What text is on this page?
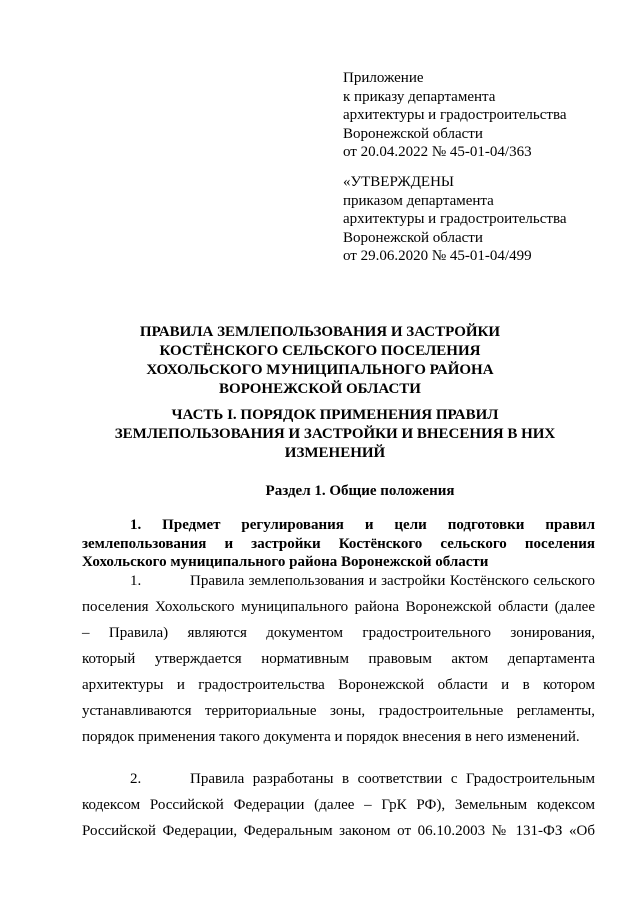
Приложение
к приказу департамента
архитектуры и градостроительства
Воронежской области
от 20.04.2022 № 45-01-04/363
«УТВЕРЖДЕНЫ
приказом департамента
архитектуры и градостроительства
Воронежской области
от 29.06.2020 № 45-01-04/499
ПРАВИЛА ЗЕМЛЕПОЛЬЗОВАНИЯ И ЗАСТРОЙКИ
КОСТЁНСКОГО СЕЛЬСКОГО ПОСЕЛЕНИЯ
ХОХОЛЬСКОГО МУНИЦИПАЛЬНОГО РАЙОНА
ВОРОНЕЖСКОЙ ОБЛАСТИ
ЧАСТЬ I. ПОРЯДОК ПРИМЕНЕНИЯ ПРАВИЛ
ЗЕМЛЕПОЛЬЗОВАНИЯ И ЗАСТРОЙКИ И ВНЕСЕНИЯ В НИХ
ИЗМЕНЕНИЙ
Раздел 1. Общие положения
1. Предмет регулирования и цели подготовки правил
землепользования и застройки Костёнского сельского поселения
Хохольского муниципального района Воронежской области
1.	Правила землепользования и застройки Костёнского сельского
поселения Хохольского муниципального района Воронежской области (далее
– Правила) являются документом градостроительного зонирования,
который утверждается нормативным правовым актом департамента
архитектуры и градостроительства Воронежской области и в котором
устанавливаются территориальные зоны, градостроительные регламенты,
порядок применения такого документа и порядок внесения в него изменений.
2.	Правила разработаны в соответствии с Градостроительным
кодексом Российской Федерации (далее – ГрК РФ), Земельным кодексом
Российской Федерации, Федеральным законом от 06.10.2003 № 131-ФЗ «Об
